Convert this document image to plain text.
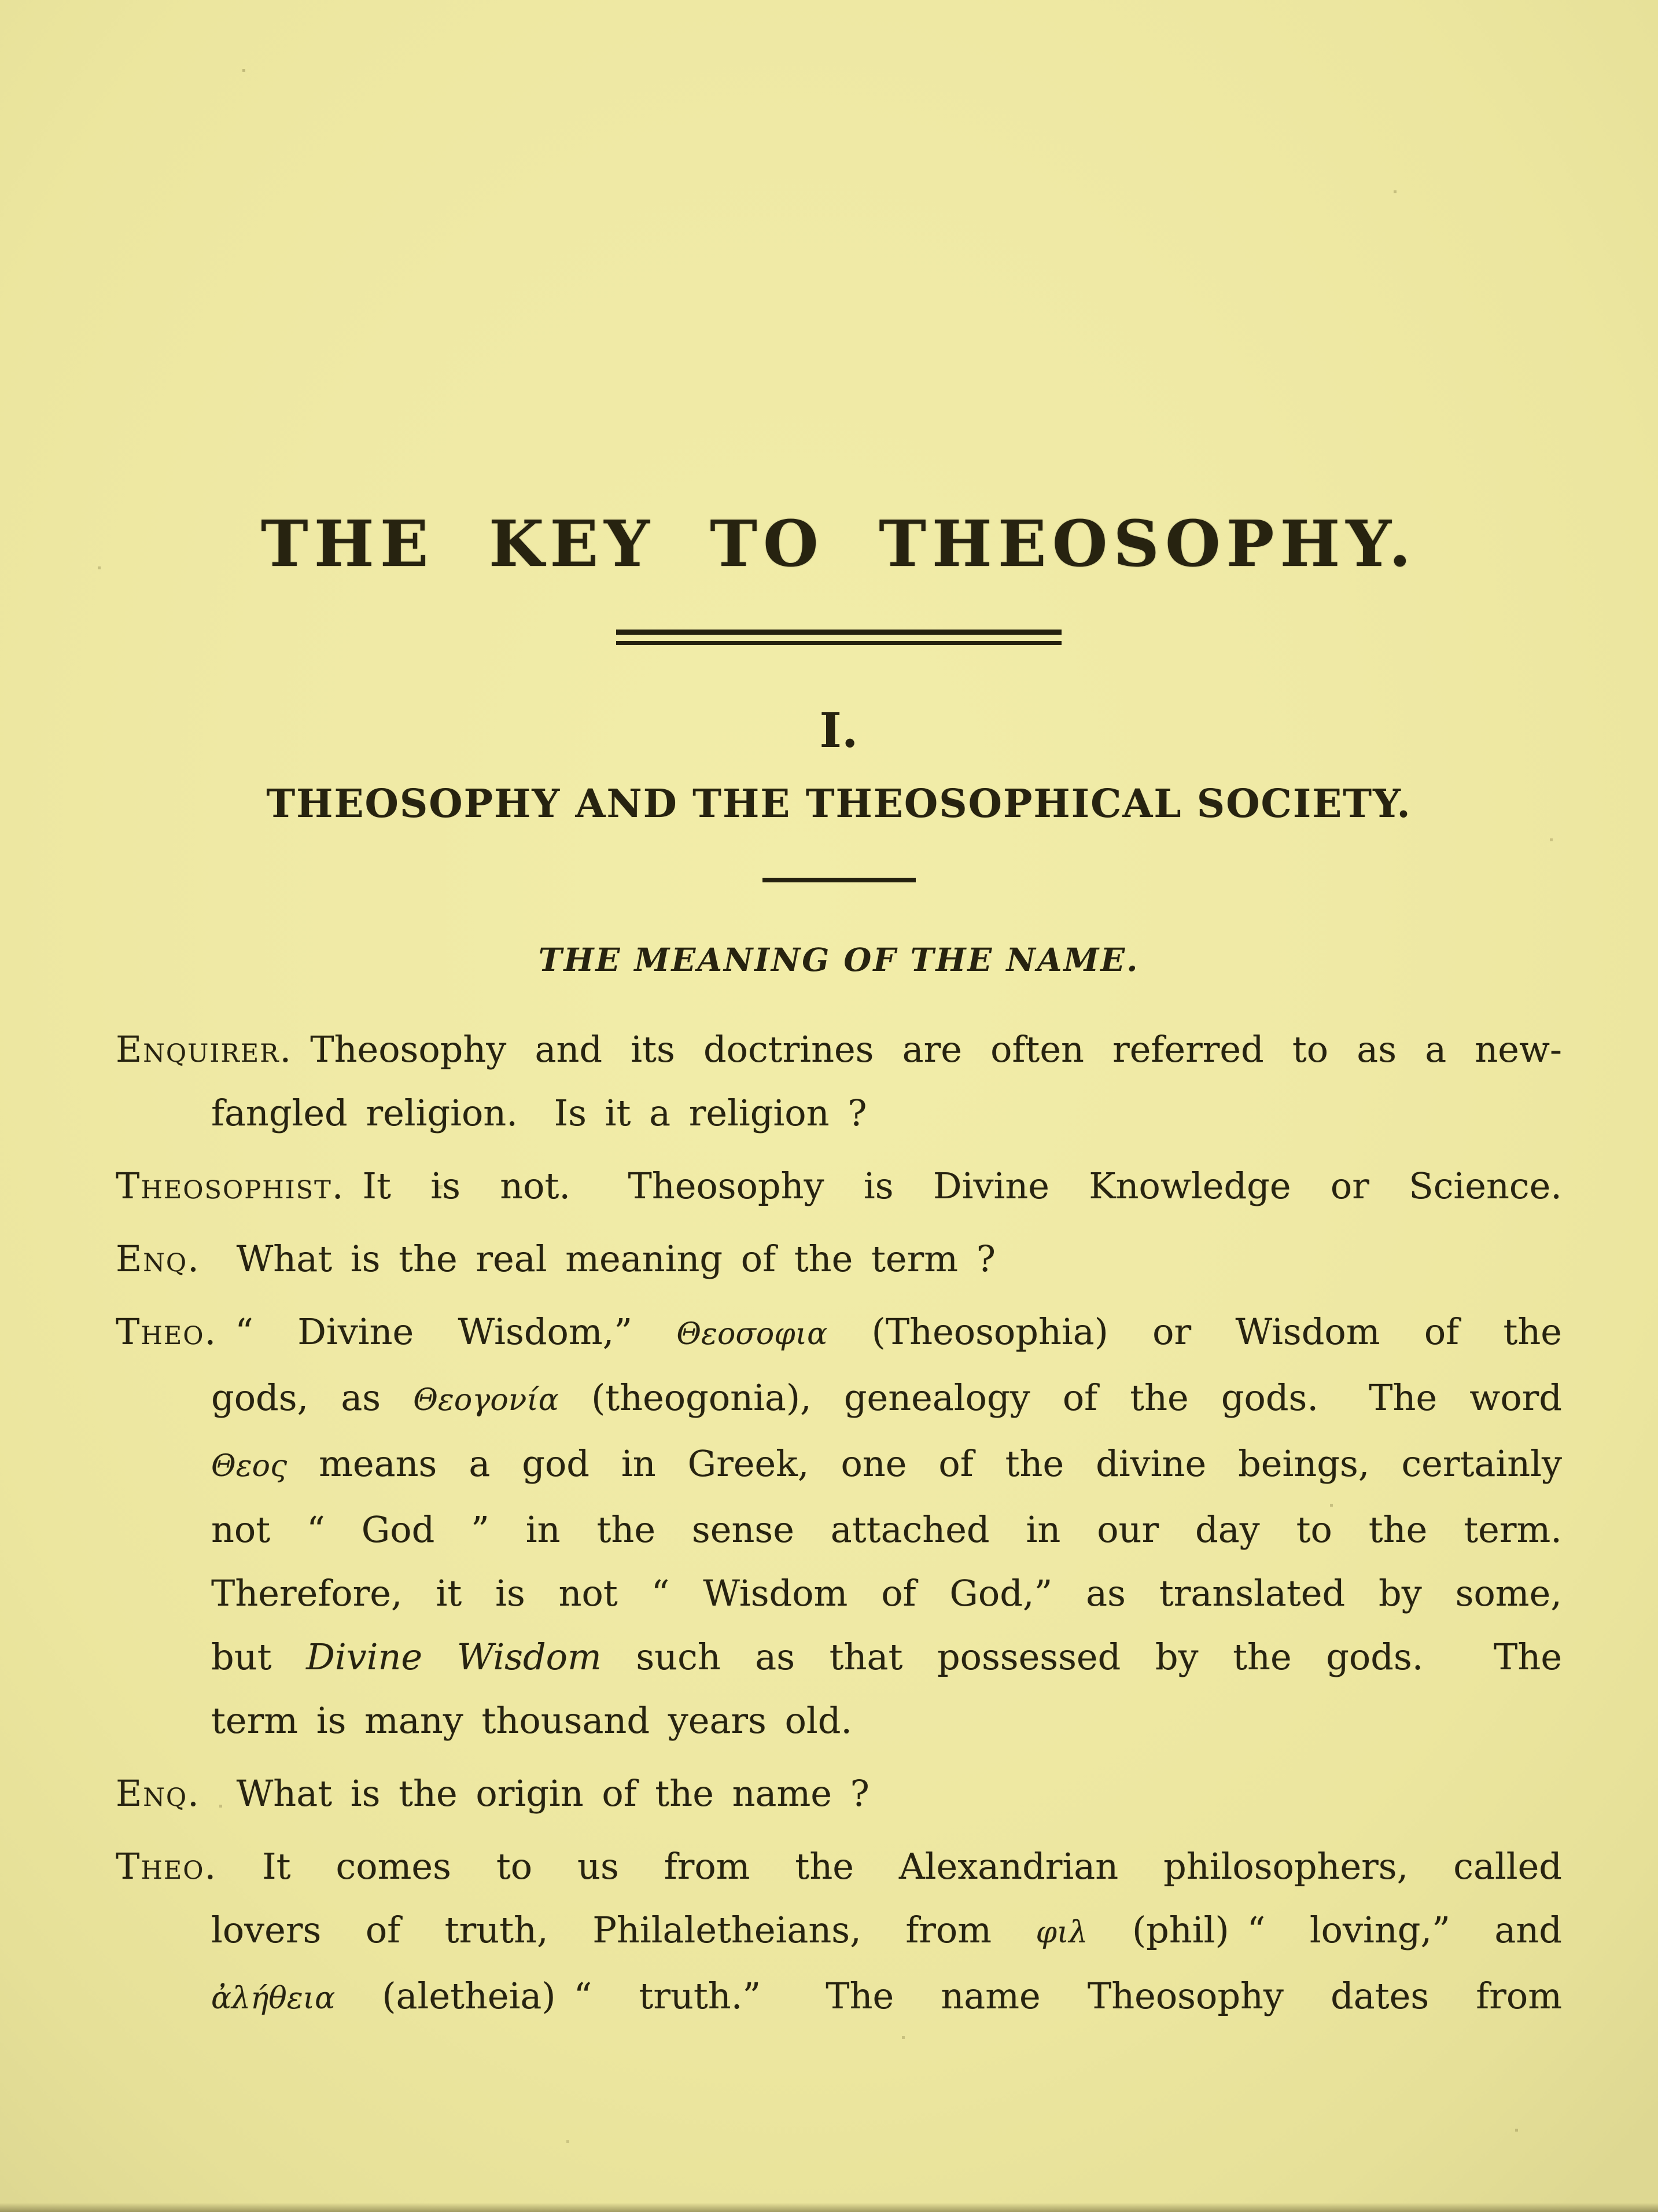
THE KEY TO THEOSOPHY.
I.
THEOSOPHY AND THE THEOSOPHICAL SOCIETY.
THE MEANING OF THE NAME.
Enquirer. Theosophy and its doctrines are often referred to as a new-
fangled religion.  Is it a religion ?
Theosophist. It is not.  Theosophy is Divine Knowledge or Science.
Enq.  What is the real meaning of the term ?
Theo. “ Divine Wisdom,” Θεοσοφια (Theosophia) or Wisdom of the
gods, as Θεογονία (theogonia), genealogy of the gods.  The word
Θεος means a god in Greek, one of the divine beings, certainly
not “ God ” in the sense attached in our day to the term.
Therefore, it is not “ Wisdom of God,” as translated by some,
but Divine Wisdom such as that possessed by the gods.  The
term is many thousand years old.
Enq.  What is the origin of the name ?
Theo. It comes to us from the Alexandrian philosophers, called
lovers of truth, Philaletheians, from φιλ (phil) “ loving,” and
ἀλήθεια (aletheia) “ truth.”  The name Theosophy dates from
